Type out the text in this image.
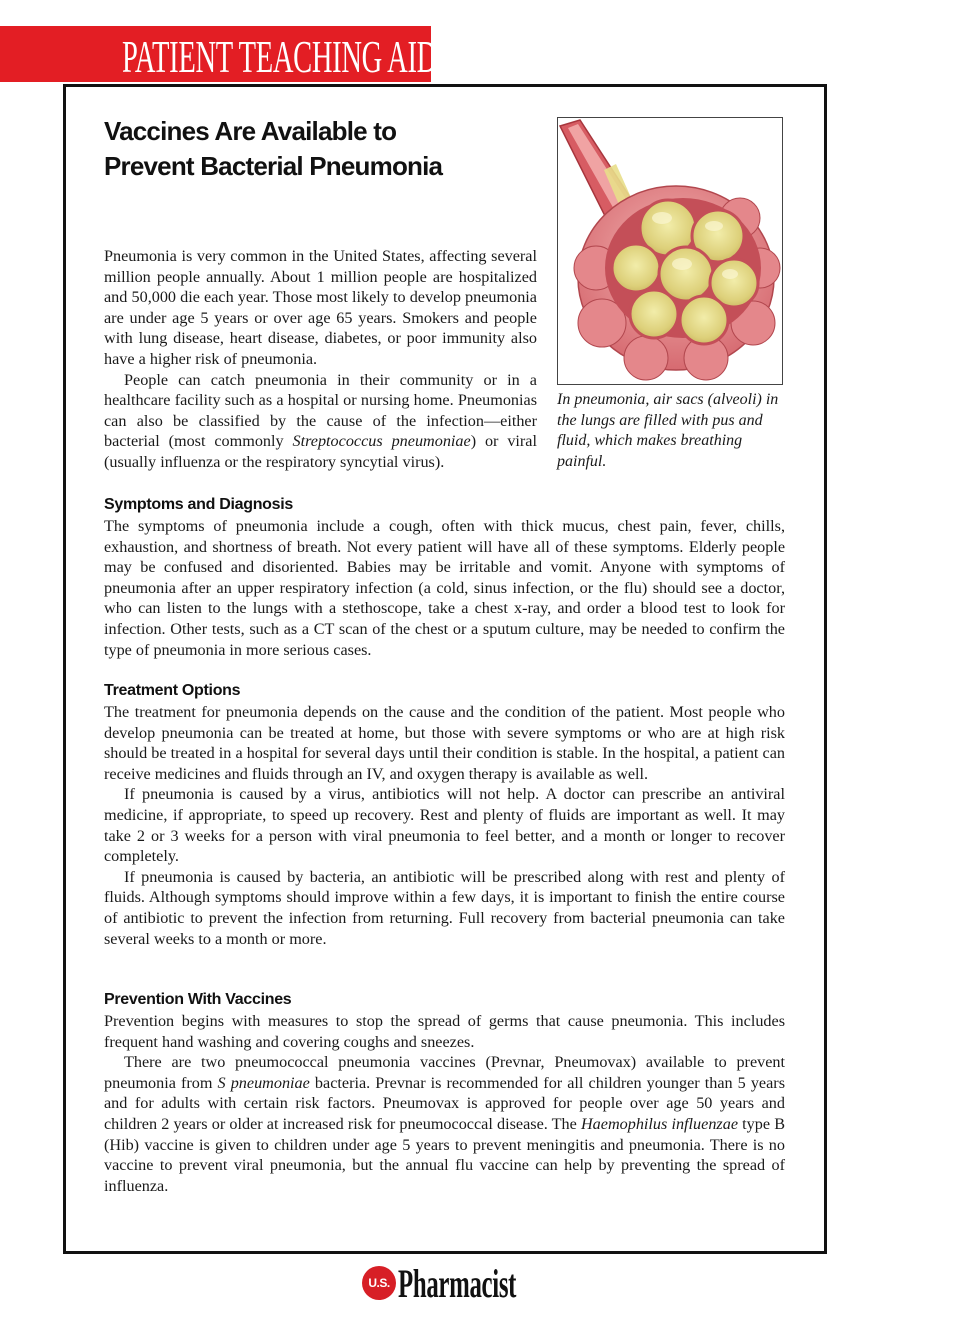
PATIENT TEACHING AID
Vaccines Are Available to
Prevent Bacterial Pneumonia

Pneumonia is very common in the United States, affecting several million people annually. About 1 million people are hospitalized and 50,000 die each year. Those most likely to develop pneumonia are under age 5 years or over age 65 years. Smokers and people with lung disease, heart disease, diabetes, or poor immunity also have a higher risk of pneumonia.

People can catch pneumonia in their community or in a healthcare facility such as a hospital or nursing home. Pneumonias can also be classified by the cause of the infection—either bacterial (most commonly Streptococcus pneumoniae) or viral (usually influenza or the respiratory syncytial virus).

In pneumonia, air sacs (alveoli) in the lungs are filled with pus and fluid, which makes breathing painful.
Symptoms and Diagnosis

The symptoms of pneumonia include a cough, often with thick mucus, chest pain, fever, chills, exhaustion, and shortness of breath. Not every patient will have all of these symptoms. Elderly people may be confused and disoriented. Babies may be irritable and vomit. Anyone with symptoms of pneumonia after an upper respiratory infection (a cold, sinus infection, or the flu) should see a doctor, who can listen to the lungs with a stethoscope, take a chest x-ray, and order a blood test to look for infection. Other tests, such as a CT scan of the chest or a sputum culture, may be needed to confirm the type of pneumonia in more serious cases.

Treatment Options

The treatment for pneumonia depends on the cause and the condition of the patient. Most people who develop pneumonia can be treated at home, but those with severe symptoms or who are at high risk should be treated in a hospital for several days until their condition is stable. In the hospital, a patient can receive medicines and fluids through an IV, and oxygen therapy is available as well.

If pneumonia is caused by a virus, antibiotics will not help. A doctor can prescribe an antiviral medicine, if appropriate, to speed up recovery. Rest and plenty of fluids are important as well. It may take 2 or 3 weeks for a person with viral pneumonia to feel better, and a month or longer to recover completely.

If pneumonia is caused by bacteria, an antibiotic will be prescribed along with rest and plenty of fluids. Although symptoms should improve within a few days, it is important to finish the entire course of antibiotic to prevent the infection from returning. Full recovery from bacterial pneumonia can take several weeks to a month or more.

Prevention With Vaccines

Prevention begins with measures to stop the spread of germs that cause pneumonia. This includes frequent hand washing and covering coughs and sneezes.

There are two pneumococcal pneumonia vaccines (Prevnar, Pneumovax) available to prevent pneumonia from S pneumoniae bacteria. Prevnar is recommended for all children younger than 5 years and for adults with certain risk factors. Pneumovax is approved for people over age 50 years and children 2 years or older at increased risk for pneumococcal disease. The Haemophilus influenzae type B (Hib) vaccine is given to children under age 5 years to prevent meningitis and pneumonia. There is no vaccine to prevent viral pneumonia, but the annual flu vaccine can help by preventing the spread of influenza.

U.S. Pharmacist
